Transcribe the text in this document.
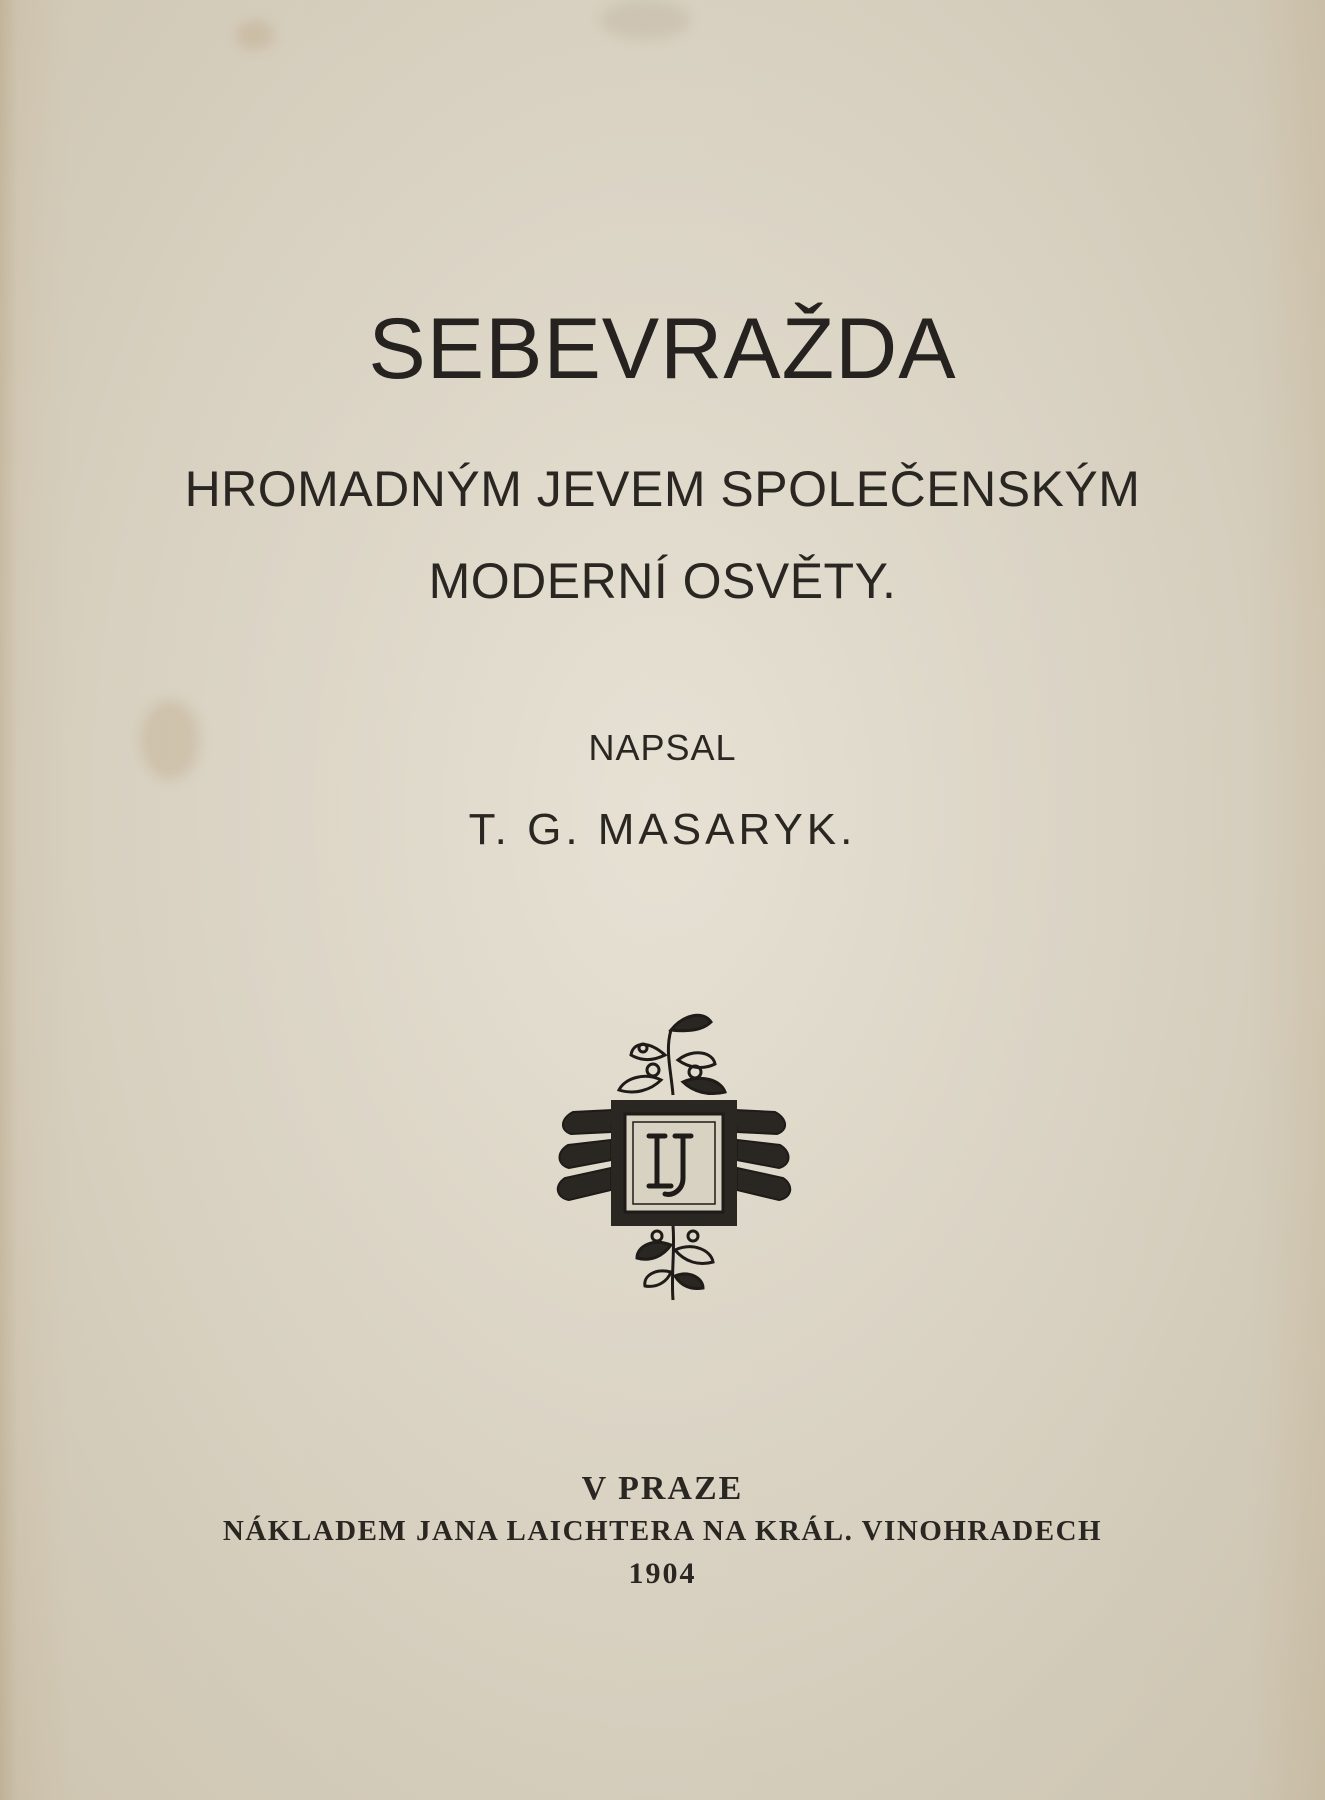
SEBEVRAŽDA
HROMADNÝM JEVEM SPOLEČENSKÝM
MODERNÍ OSVĚTY.
NAPSAL
T. G. MASARYK.
V PRAZE
NÁKLADEM JANA LAICHTERA NA KRÁL. VINOHRADECH
1904
